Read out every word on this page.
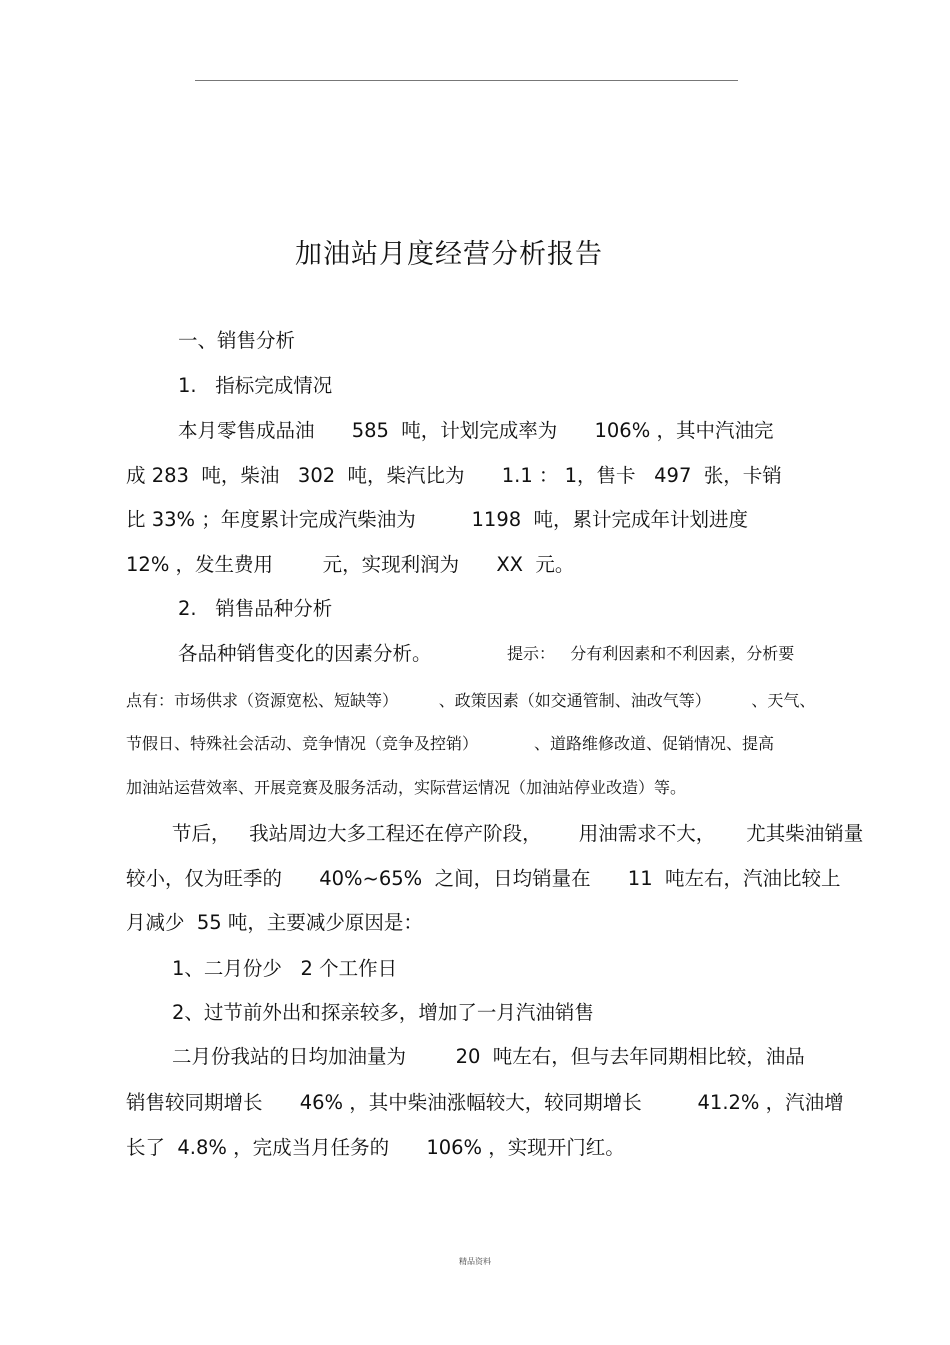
加油站月度经营分析报告
一、销售分析
1.   指标完成情况
本月零售成品油      585  吨，计划完成率为      106% ，其中汽油完
成 283  吨，柴油   302  吨，柴汽比为      1.1 ： 1，售卡   497  张，卡销
比 33% ；年度累计完成汽柴油为         1198  吨，累计完成年计划进度
12% ，发生费用        元，实现利润为      XX  元。
2.   销售品种分析
各品种销售变化的因素分析。	提示：   分有利因素和不利因素，分析要
点有：市场供求（资源宽松、短缺等）        、政策因素（如交通管制、油改气等）        、天气、
节假日、特殊社会活动、竞争情况（竞争及控销）           、道路维修改道、促销情况、提高
加油站运营效率、开展竞赛及服务活动，实际营运情况（加油站停业改造）等。
节后，   我站周边大多工程还在停产阶段，      用油需求不大，     尤其柴油销量
较小，仅为旺季的      40%~65%  之间，日均销量在      11  吨左右，汽油比较上
月减少  55 吨，主要减少原因是：
1、二月份少   2 个工作日
2、过节前外出和探亲较多，增加了一月汽油销售
二月份我站的日均加油量为        20  吨左右，但与去年同期相比较，油品
销售较同期增长      46% ，其中柴油涨幅较大，较同期增长         41.2% ，汽油增
长了  4.8% ，完成当月任务的      106% ，实现开门红。
精品资料
